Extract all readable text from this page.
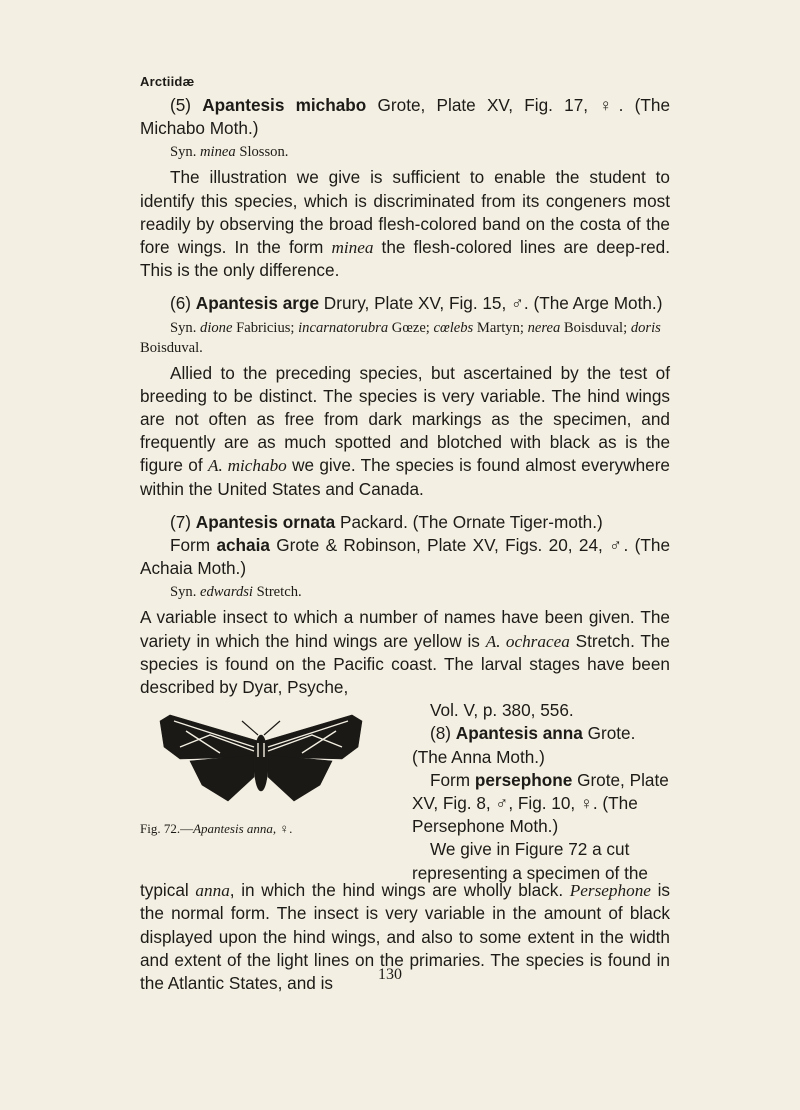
Arctiidæ

(5) Apantesis michabo Grote, Plate XV, Fig. 17, ♀. (The Michabo Moth.)

Syn. minea Slosson.

The illustration we give is sufficient to enable the student to identify this species, which is discriminated from its congeners most readily by observing the broad flesh-colored band on the costa of the fore wings. In the form minea the flesh-colored lines are deep-red. This is the only difference.

(6) Apantesis arge Drury, Plate XV, Fig. 15, ♂. (The Arge Moth.)

Syn. dione Fabricius; incarnatorubra Gœze; cœlebs Martyn; nerea Boisduval; doris Boisduval.

Allied to the preceding species, but ascertained by the test of breeding to be distinct. The species is very variable. The hind wings are not often as free from dark markings as the specimen, and frequently are as much spotted and blotched with black as is the figure of A. michabo we give. The species is found almost everywhere within the United States and Canada.

(7) Apantesis ornata Packard. (The Ornate Tiger-moth.)

Form achaia Grote & Robinson, Plate XV, Figs. 20, 24, ♂. (The Achaia Moth.)

Syn. edwardsi Stretch.

A variable insect to which a number of names have been given. The variety in which the hind wings are yellow is A. ochracea Stretch. The species is found on the Pacific coast. The larval stages have been described by Dyar, Psyche,

Fig. 72.—Apantesis anna, ♀.

Vol. V, p. 380, 556.

(8) Apantesis anna Grote. (The Anna Moth.)

Form persephone Grote, Plate XV, Fig. 8, ♂, Fig. 10, ♀. (The Persephone Moth.)

We give in Figure 72 a cut representing a specimen of the

typical anna, in which the hind wings are wholly black. Persephone is the normal form. The insect is very variable in the amount of black displayed upon the hind wings, and also to some extent in the width and extent of the light lines on the primaries. The species is found in the Atlantic States, and is	130
